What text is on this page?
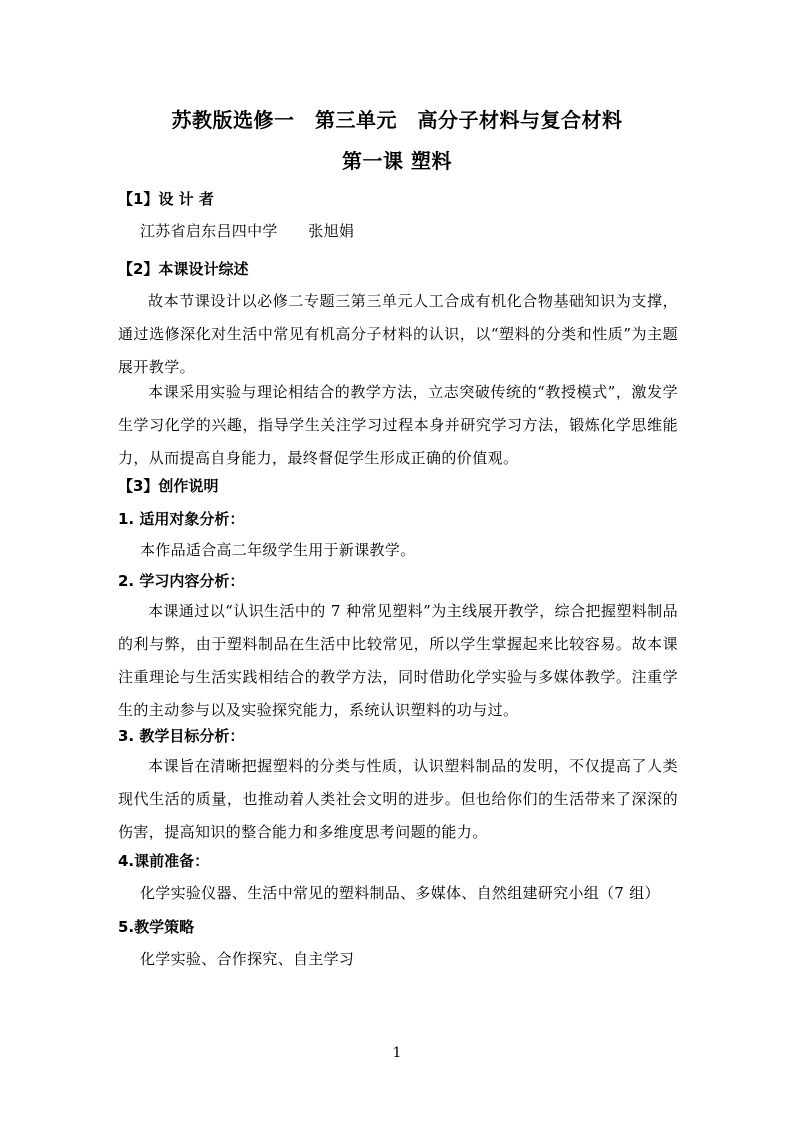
苏教版选修一　第三单元　高分子材料与复合材料
第一课 塑料
【1】设 计 者
江苏省启东吕四中学　　张旭娟
【2】本课设计综述
故本节课设计以必修二专题三第三单元人工合成有机化合物基础知识为支撑，通过选修深化对生活中常见有机高分子材料的认识，以“塑料的分类和性质”为主题展开教学。
本课采用实验与理论相结合的教学方法，立志突破传统的“教授模式”，激发学生学习化学的兴趣，指导学生关注学习过程本身并研究学习方法，锻炼化学思维能力，从而提高自身能力，最终督促学生形成正确的价值观。
【3】创作说明
1. 适用对象分析：
本作品适合高二年级学生用于新课教学。
2. 学习内容分析：
本课通过以“认识生活中的 7 种常见塑料”为主线展开教学，综合把握塑料制品的利与弊，由于塑料制品在生活中比较常见，所以学生掌握起来比较容易。故本课注重理论与生活实践相结合的教学方法，同时借助化学实验与多媒体教学。注重学生的主动参与以及实验探究能力，系统认识塑料的功与过。
3. 教学目标分析：
本课旨在清晰把握塑料的分类与性质，认识塑料制品的发明，不仅提高了人类现代生活的质量，也推动着人类社会文明的进步。但也给你们的生活带来了深深的伤害，提高知识的整合能力和多维度思考问题的能力。
4.课前准备：
化学实验仪器、生活中常见的塑料制品、多媒体、自然组建研究小组（7 组）
5.教学策略
化学实验、合作探究、自主学习
1
